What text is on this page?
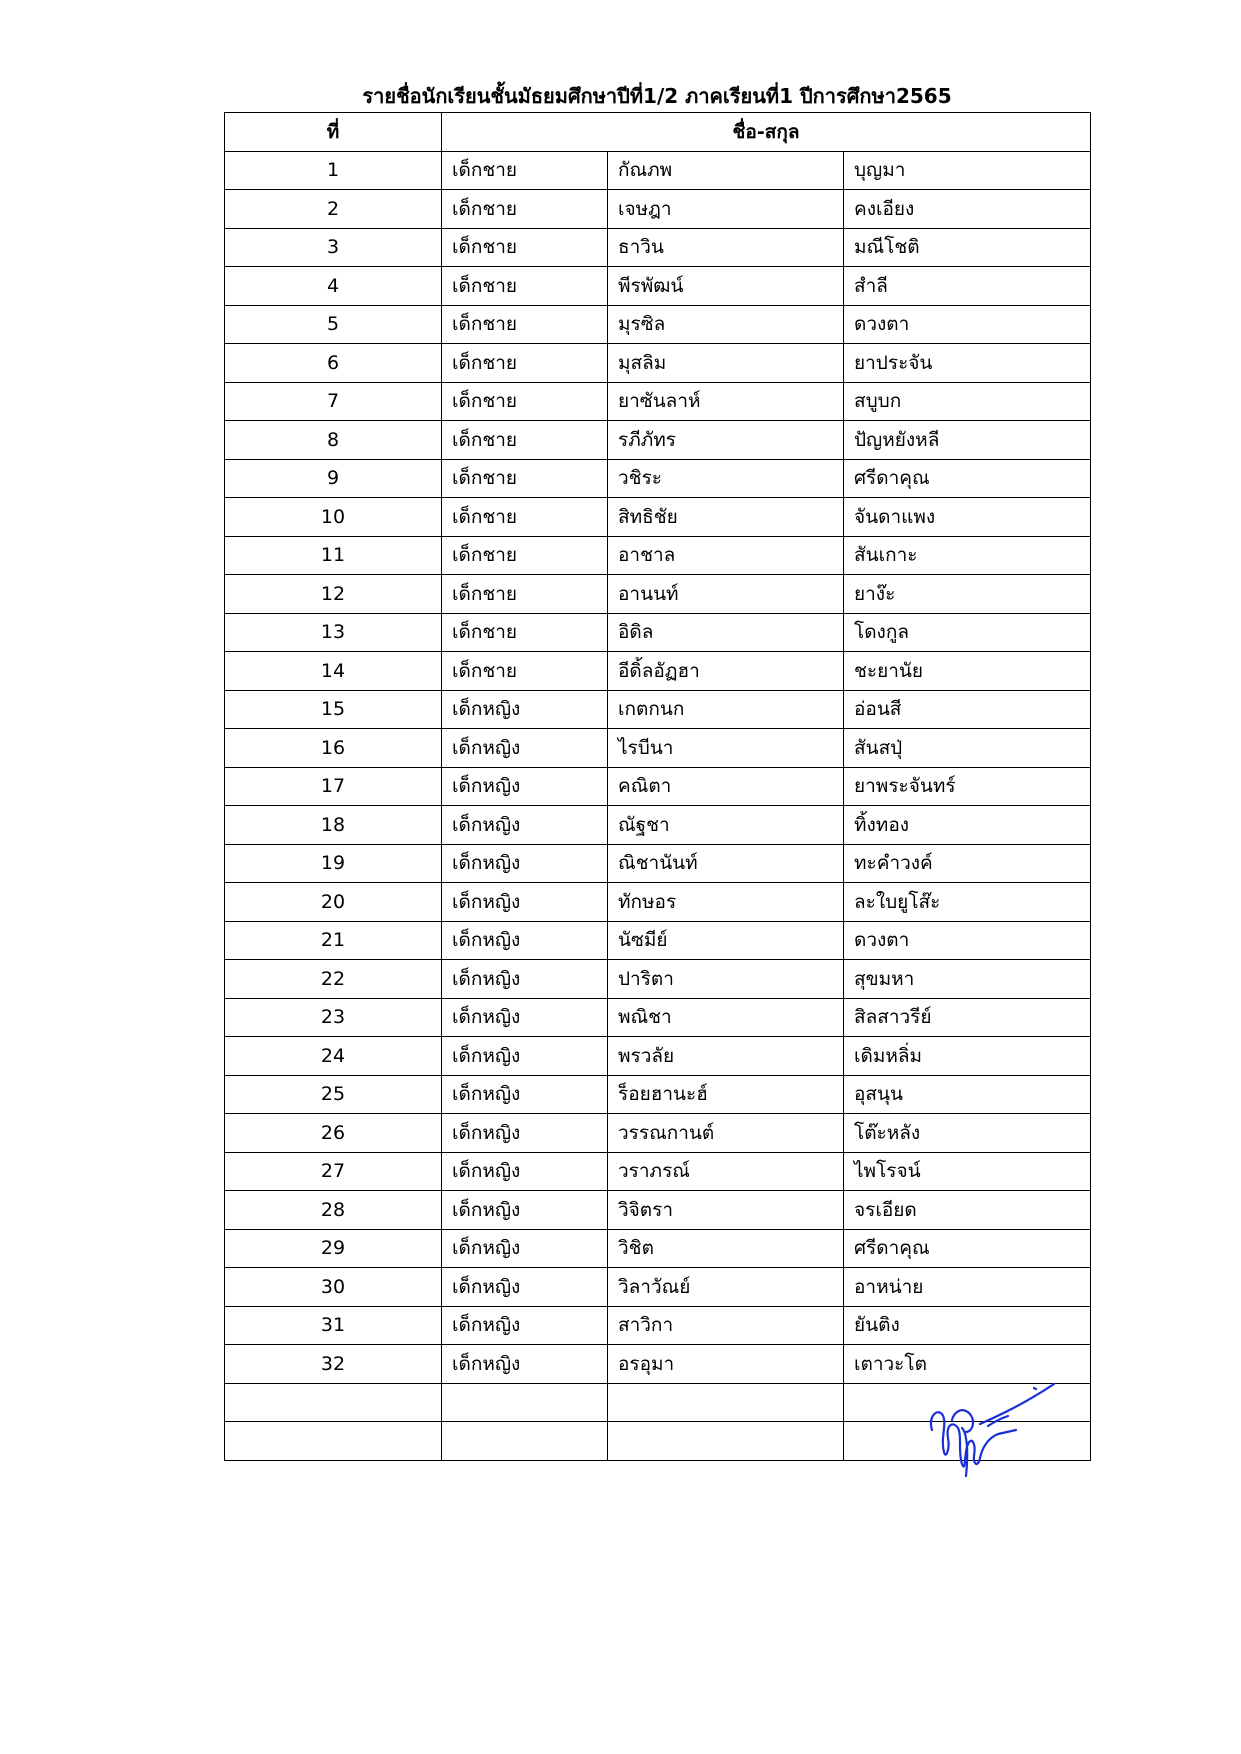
รายชื่อนักเรียนชั้นมัธยมศึกษาปีที่1/2 ภาคเรียนที่1 ปีการศึกษา2565
ที่	ชื่อ-สกุล		
1	เด็กชาย	กัณภพ	บุญมา
2	เด็กชาย	เจษฎา	คงเอียง
3	เด็กชาย	ธาวิน	มณีโชติ
4	เด็กชาย	พีรพัฒน์	สำลี
5	เด็กชาย	มุรซิล	ดวงตา
6	เด็กชาย	มุสลิม	ยาประจัน
7	เด็กชาย	ยาซันลาห์	สบูบก
8	เด็กชาย	รภีภัทร	ปัญหยังหลี
9	เด็กชาย	วชิระ	ศรีดาคุณ
10	เด็กชาย	สิทธิชัย	จันดาแพง
11	เด็กชาย	อาชาล	สันเกาะ
12	เด็กชาย	อานนท์	ยาง๊ะ
13	เด็กชาย	อิดิล	โดงกูล
14	เด็กชาย	อีดิ้ลอัฏฮา	ชะยานัย
15	เด็กหญิง	เกตกนก	อ่อนสี
16	เด็กหญิง	ไรบีนา	สันสปุ่
17	เด็กหญิง	คณิตา	ยาพระจันทร์
18	เด็กหญิง	ณัฐชา	ทิ้งทอง
19	เด็กหญิง	ณิชานันท์	ทะคำวงค์
20	เด็กหญิง	ทักษอร	ละใบยูโส๊ะ
21	เด็กหญิง	นัซมีย์	ดวงตา
22	เด็กหญิง	ปาริตา	สุขมหา
23	เด็กหญิง	พณิชา	สิลสาวรีย์
24	เด็กหญิง	พรวลัย	เดิมหลิ่ม
25	เด็กหญิง	ร็อยฮานะฮ์	อุสนุน
26	เด็กหญิง	วรรณกานต์	โต๊ะหลัง
27	เด็กหญิง	วราภรณ์	ไพโรจน์
28	เด็กหญิง	วิจิตรา	จรเอียด
29	เด็กหญิง	วิชิต	ศรีดาคุณ
30	เด็กหญิง	วิลาวัณย์	อาหน่าย
31	เด็กหญิง	สาวิกา	ยันติง
32	เด็กหญิง	อรอุมา	เตาวะโต
